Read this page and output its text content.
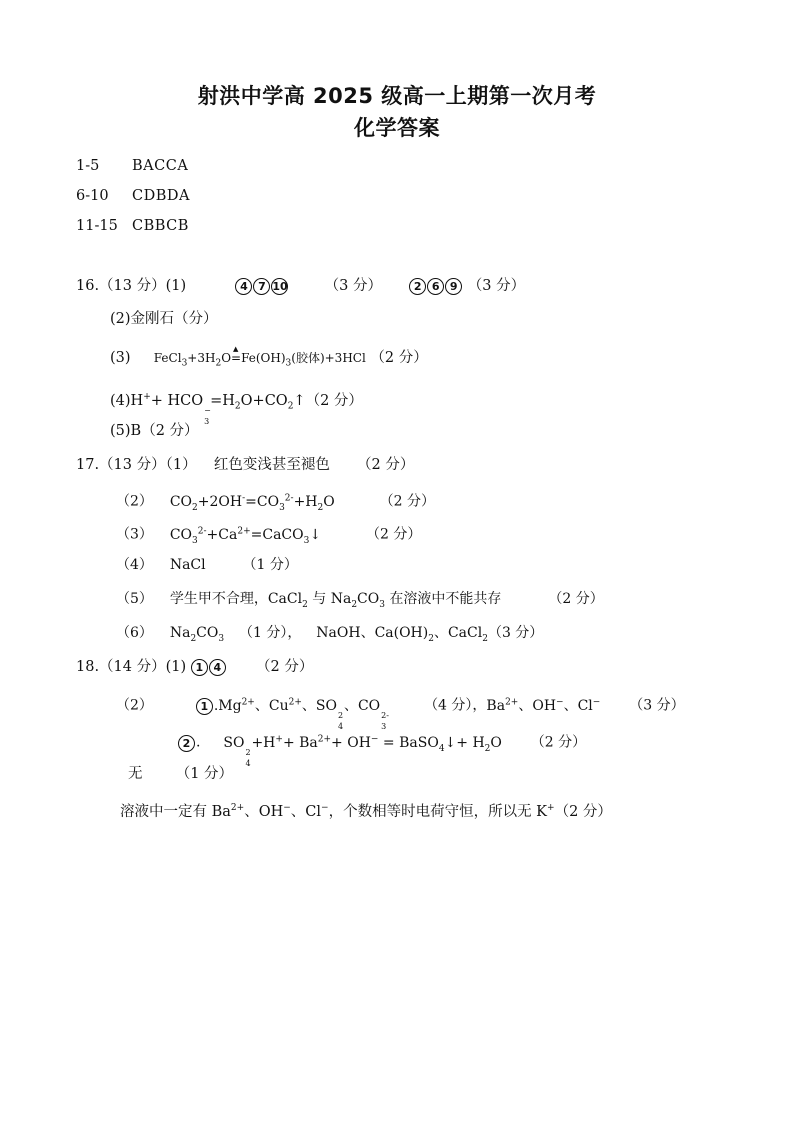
射洪中学高 2025 级高一上期第一次月考
化学答案
1-5 BACCA
6-10 CDBDA
11-15 CBBCB
16.（13 分）(1)	4 7 10	（3 分）	2 6 9 （3 分）
(2)金刚石（分）
(3) $FeCl_3+3H_2O$
▲
$=Fe(OH)_3$(胶体)+3HCl （2 分）
(4)H++ HCO
−
3
$=H_2O+CO_2↑(2$ 分）
(5)B（2 分）
17.（13 分）（1） 红色变浅甚至褪色 （2 分）
（2） $CO_2+2OH^-=CO_3^{2-}+H_2O$	（2 分）
（3） $CO_3^{2-}+Ca^{2+}=CaCO_3↓$	（2 分）
（4） NaCl	（1 分）
（5） 学生甲不合理，CaCl$_2$ 与 $Na_2CO_3$ 在溶液中不能共存	（2 分）
（6） $Na_2CO_3$ （1 分）， NaOH、$Ca(OH)_2$、CaCl$_2$（3 分）
18.（14 分）(1) 1 4 （2 分）
（2）	1 $.Mg^{2+}$、$Cu^{2+}$、SO
2
4
、CO
2-
3
（4 分），$Ba^{2+}$、OH−、Cl− （3 分）
2 .  SO
2
4
$+H^++ Ba^{2+}+ OH^-$ = BaSO$_4$↓+ $H_2O$ （2 分）
无 （1 分）
溶液中一定有 $Ba^{2+}$、OH−、Cl−，个数相等时电荷守恒，所以无 K+（2 分）
